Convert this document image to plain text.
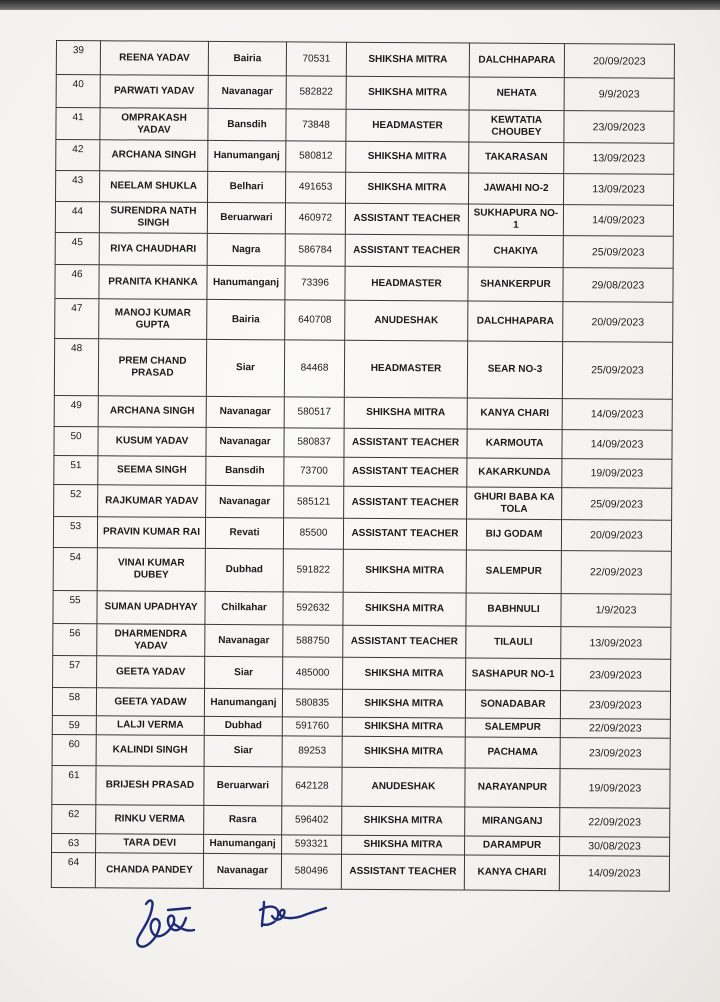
39	REENA YADAV	Bairia	70531	SHIKSHA MITRA	DALCHHAPARA	20/09/2023
40	PARWATI YADAV	Navanagar	582822	SHIKSHA MITRA	NEHATA	9/9/2023
41	OMPRAKASH YADAV	Bansdih	73848	HEADMASTER	KEWTATIA CHOUBEY	23/09/2023
42	ARCHANA SINGH	Hanumanganj	580812	SHIKSHA MITRA	TAKARASAN	13/09/2023
43	NEELAM SHUKLA	Belhari	491653	SHIKSHA MITRA	JAWAHI NO-2	13/09/2023
44	SURENDRA NATH SINGH	Beruarwari	460972	ASSISTANT TEACHER	SUKHAPURA NO-1	14/09/2023
45	RIYA CHAUDHARI	Nagra	586784	ASSISTANT TEACHER	CHAKIYA	25/09/2023
46	PRANITA KHANKA	Hanumanganj	73396	HEADMASTER	SHANKERPUR	29/08/2023
47	MANOJ KUMAR GUPTA	Bairia	640708	ANUDESHAK	DALCHHAPARA	20/09/2023
48	PREM CHAND PRASAD	Siar	84468	HEADMASTER	SEAR NO-3	25/09/2023
49	ARCHANA SINGH	Navanagar	580517	SHIKSHA MITRA	KANYA CHARI	14/09/2023
50	KUSUM YADAV	Navanagar	580837	ASSISTANT TEACHER	KARMOUTA	14/09/2023
51	SEEMA SINGH	Bansdih	73700	ASSISTANT TEACHER	KAKARKUNDA	19/09/2023
52	RAJKUMAR YADAV	Navanagar	585121	ASSISTANT TEACHER	GHURI BABA KA TOLA	25/09/2023
53	PRAVIN KUMAR RAI	Revati	85500	ASSISTANT TEACHER	BIJ GODAM	20/09/2023
54	VINAI KUMAR DUBEY	Dubhad	591822	SHIKSHA MITRA	SALEMPUR	22/09/2023
55	SUMAN UPADHYAY	Chilkahar	592632	SHIKSHA MITRA	BABHNULI	1/9/2023
56	DHARMENDRA YADAV	Navanagar	588750	ASSISTANT TEACHER	TILAULI	13/09/2023
57	GEETA YADAV	Siar	485000	SHIKSHA MITRA	SASHAPUR NO-1	23/09/2023
58	GEETA YADAW	Hanumanganj	580835	SHIKSHA MITRA	SONADABAR	23/09/2023
59	LALJI VERMA	Dubhad	591760	SHIKSHA MITRA	SALEMPUR	22/09/2023
60	KALINDI SINGH	Siar	89253	SHIKSHA MITRA	PACHAMA	23/09/2023
61	BRIJESH PRASAD	Beruarwari	642128	ANUDESHAK	NARAYANPUR	19/09/2023
62	RINKU VERMA	Rasra	596402	SHIKSHA MITRA	MIRANGANJ	22/09/2023
63	TARA DEVI	Hanumanganj	593321	SHIKSHA MITRA	DARAMPUR	30/08/2023
64	CHANDA PANDEY	Navanagar	580496	ASSISTANT TEACHER	KANYA CHARI	14/09/2023
